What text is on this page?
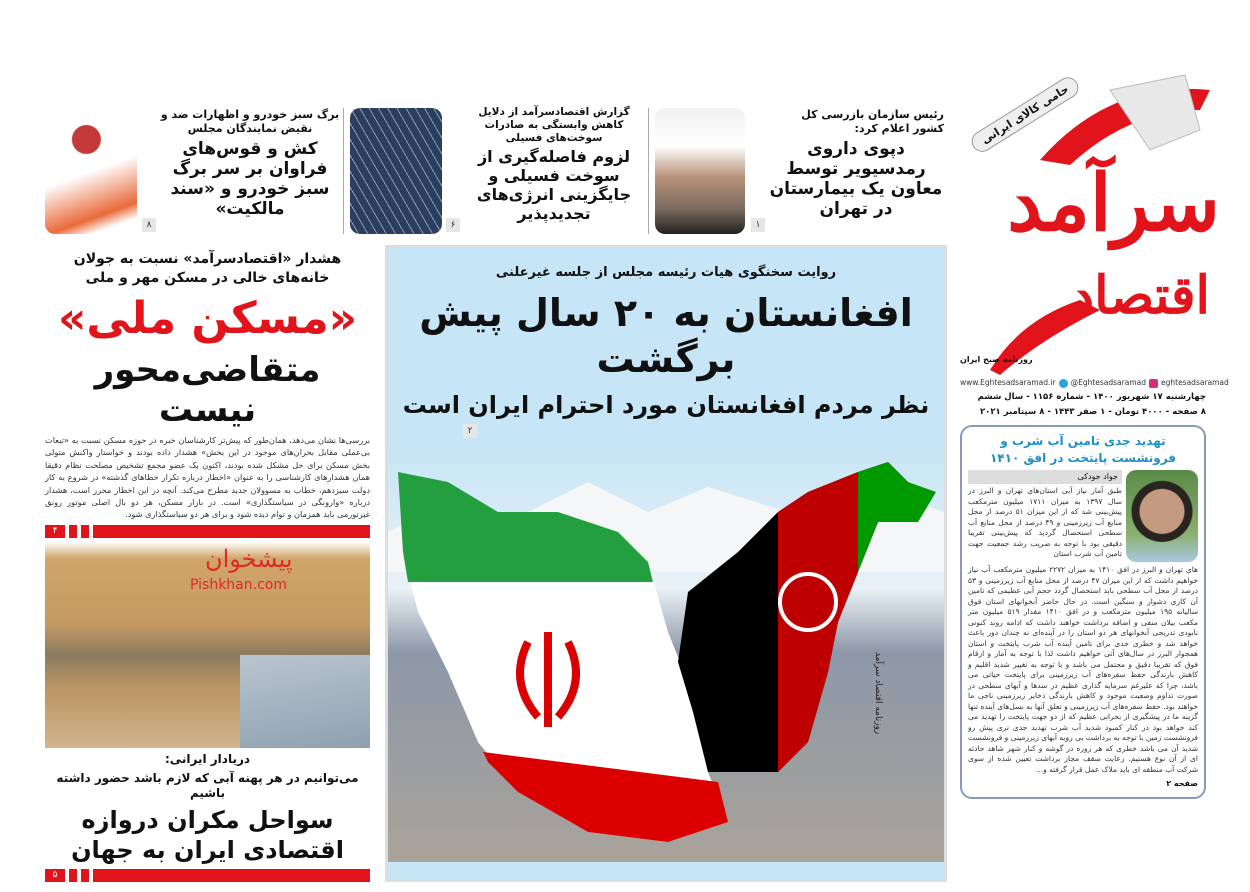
حامی کالای ایرانی
سرآمد
اقتصاد
روزنامه صبح ایران
www.Eghtesadsaramad.ir @Eghtesadsaramad eghtesadsaramad
چهارشنبه ۱۷ شهریور ۱۴۰۰ - شماره ۱۱۵۶ - سال ششم
۸ صفحه - ۴۰۰۰ تومان - ۱ صفر ۱۴۴۳ - ۸ سپتامبر ۲۰۲۱
تهدید جدی تامین آب شرب و فرونشست پایتخت در افق ۱۴۱۰
جواد جودکی
طبق آمار نیاز آبی استان‌های تهران و البرز در سال ۱۳۹۷ به میزان ۱۷۱۱ میلیون مترمکعب پیش‌بینی شد که از این میزان ۵۱ درصد از محل منابع آب زیرزمینی و ۴۹ درصد از محل منابع آب سطحی استحصال گردید که پیش‌بینی تقریبا دقیقی بود با توجه به ضریب رشد جمعیت جهت تامین آب شرب استان
های تهران و البرز در افق ۱۴۱۰ به میزان ۲۲۷۲ میلیون مترمکعب آب نیاز خواهیم داشت که از این میزان ۴۷ درصد از محل منابع آب زیرزمینی و ۵۳ درصد از محل آب سطحی باید استحصال گردد حجم آبی عظیمی که تامین آن کاری دشوار و سنگین است. در حال حاضر آبخوانهای استان فوق سالیانه ۱۹۵ میلیون مترمکعب و در افق ۱۴۱۰ مقدار ۵۱۹ میلیون متر مکعب بیلان منفی و اضافه برداشت خواهند داشت که ادامه روند کنونی نابودی تدریجی آبخوانهای هر دو استان را در آینده‌ای نه چندان دور باعث خواهد شد و خطری جدی برای تامین آینده آب شرب پایتخت و استان همجوار البرز در سال‌های آتی خواهیم داشت لذا با توجه به آمار و ارقام فوق که تقریبا دقیق و محتمل می باشد و با توجه به تغییر شدید اقلیم و کاهش بارندگی حفظ سفره‌های آب زیرزمینی برای پایتخت حیاتی می باشد، چرا که علیرغم سرمایه گذاری عظیم در سدها و آبهای سطحی در صورت تداوم وضعیت موجود و کاهش بارندگی ذخایر زیرزمینی ناجی ما خواهند بود. حفظ سفره‌های آب زیرزمینی و تعلق آنها به نسل‌های آینده تنها گزینه ما در پیشگیری از بحرانی عظیم که از دو جهت پایتخت را تهدید می کند خواهد بود در کنار کمبود شدید آب شرب تهدید جدی تری پیش رو فرونشست زمین با توجه به برداشت بی رویه آبهای زیرزمینی و فرونشست شدید آن می باشد خطری که هر روزه در گوشه و کنار شهر شاهد حادثه ای از آن نوع هستیم. رعایت سقف مجاز برداشت تعیین شده از سوی شرکت آب منطقه ای باید ملاک عمل قرار گرفته و...
صفحه ۲
۱
رئیس سازمان بازرسی کل کشور اعلام کرد:
دپوی داروی رمدسیویر توسط معاون یک بیمارستان در تهران
۶
گزارش اقتصادسرآمد از دلایل کاهش وابستگی به صادرات سوخت‌های فسیلی
لزوم فاصله‌گیری از سوخت فسیلی و جایگزینی انرژی‌های تجدیدپذیر
۸
برگ سبز خودرو و اظهارات ضد و نقیض نمایندگان مجلس
کش و قوس‌های فراوان بر سر برگ سبز خودرو و «سند مالکیت»
روایت سخنگوی هیات رئیسه مجلس از جلسه غیرعلنی
افغانستان به ۲۰ سال پیش برگشت
نظر مردم افغانستان مورد احترام ایران است
۲
روزنامه اقتصاد سرآمد
هشدار «اقتصادسرآمد» نسبت به جولان خانه‌های خالی در مسکن مهر و ملی
«مسکن ملی»
متقاضی‌محور نیست
بررسی‌ها نشان می‌دهد، همان‌طور که پیش‌تر کارشناسان خبره در حوزه مسکن نسبت به «تبعات بی‌عملی مقابل بحران‌های موجود در این بخش» هشدار داده بودند و خواستار واکنش متولی بخش مسکن برای حل مشکل شده بودند، اکنون یک عضو مجمع تشخیص مصلحت نظام دقیقا همان هشدارهای کارشناسی را به عنوان «اخطار درباره تکرار خطاهای گذشته» در شروع به کار دولت سیزدهم، خطاب به مسوولان جدید مطرح می‌کند. آنچه در این اخطار محرز است، هشدار درباره «وارونگی در سیاستگذاری» است. در بازار مسکن، هر دو بال اصلی موتور رونق غیرتورمی باید همزمان و توام دیده شود و برای هر دو سیاستگذاری شود.
۴
پیشخوان
Pishkhan.com
دریادار ایرانی:
می‌توانیم در هر پهنه آبی که لازم باشد حضور داشته باشیم
سواحل مکران دروازه اقتصادی ایران به جهان
۵
